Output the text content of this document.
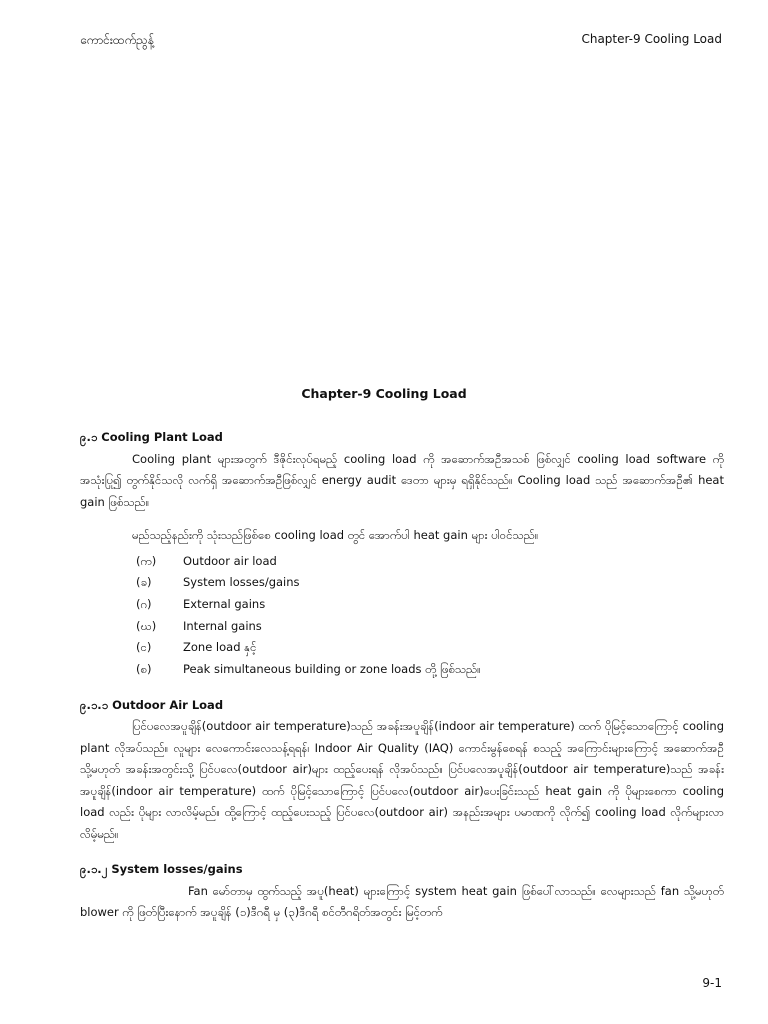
ကောင်းထက်ညွန့်	Chapter-9 Cooling Load
Chapter-9 Cooling Load

၉.၁ Cooling Plant Load

Cooling plant များအတွက် ဒီဇိုင်းလုပ်ရမည့် cooling load ကို အဆောက်အဦအသစ် ဖြစ်လျှင် cooling load software ကို အသုံးပြု၍ တွက်နိုင်သလို လက်ရှိ အဆောက်အဦဖြစ်လျှင် energy audit ဒေတာ များမှ ရရှိနိုင်သည်။ Cooling load သည် အဆောက်အဦ၏ heat gain ဖြစ်သည်။

မည်သည့်နည်းကို သုံးသည်ဖြစ်စေ cooling load တွင် အောက်ပါ heat gain များ ပါဝင်သည်။

(က)	Outdoor air load
(ခ)	System losses/gains
(ဂ)	External gains
(ဃ)	Internal gains
(င)	Zone load နှင့်
(စ)	Peak simultaneous building or zone loads တို့ ဖြစ်သည်။

၉.၁.၁ Outdoor Air Load

ပြင်ပလေအပူချိန်(outdoor air temperature)သည် အခန်းအပူချိန်(indoor air temperature) ထက် ပိုမြင့်သောကြောင့် cooling plant လိုအပ်သည်။ လူများ လေကောင်းလေသန့်ရရန်၊ Indoor Air Quality (IAQ) ကောင်းမွန်စေရန် စသည့် အကြောင်းများကြောင့် အဆောက်အဦ သို့မဟုတ် အခန်းအတွင်းသို့ ပြင်ပလေ(outdoor air)များ ထည့်ပေးရန် လိုအပ်သည်။ ပြင်ပလေအပူချိန်(outdoor air temperature)သည် အခန်းအပူချိန်(indoor air temperature) ထက် ပိုမြင့်သောကြောင့် ပြင်ပလေ(outdoor air)ပေးခြင်းသည် heat gain ကို ပိုများစေကာ cooling load လည်း ပိုများ လာလိမ့်မည်။ ထို့ကြောင့် ထည့်ပေးသည့် ပြင်ပလေ(outdoor air) အနည်းအများ ပမာဏကို လိုက်၍ cooling load လိုက်များလာလိမ့်မည်။

၉.၁.၂ System losses/gains

Fan မော်တာမှ ထွက်သည့် အပူ(heat) များကြောင့် system heat gain ဖြစ်ပေါ်လာသည်။ လေများသည် fan သို့မဟုတ် blower ကို ဖြတ်ပြီးနောက် အပူချိန် (၁)ဒီဂရီ မှ (၃)ဒီဂရီ စင်တီဂရိတ်အတွင်း မြင့်တက်

9-1
